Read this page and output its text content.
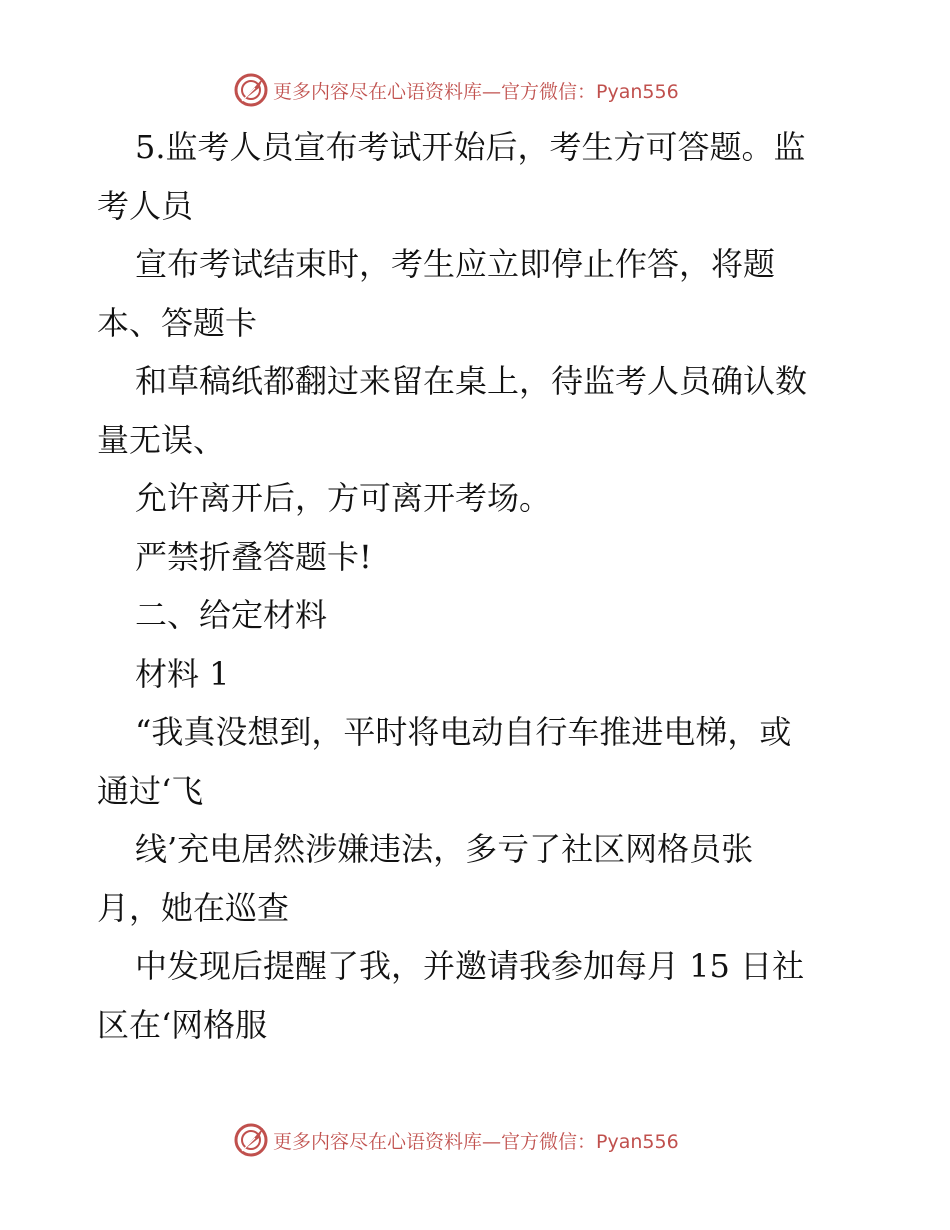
更多内容尽在心语资料库— 官方微信：Pyan556
5.监考人员宣布考试开始后，考生方可答题。监
考人员
宣布考试结束时，考生应立即停止作答，将题
本、答题卡
和草稿纸都翻过来留在桌上，待监考人员确认数
量无误、
允许离开后，方可离开考场。
严禁折叠答题卡!
二、给定材料
材料 1
“我真没想到，平时将电动自行车推进电梯，或
通过‘飞
线’充电居然涉嫌违法，多亏了社区网格员张
月，她在巡查
中发现后提醒了我，并邀请我参加每月 15 日社
区在‘网格服
更多内容尽在心语资料库— 官方微信：Pyan556
